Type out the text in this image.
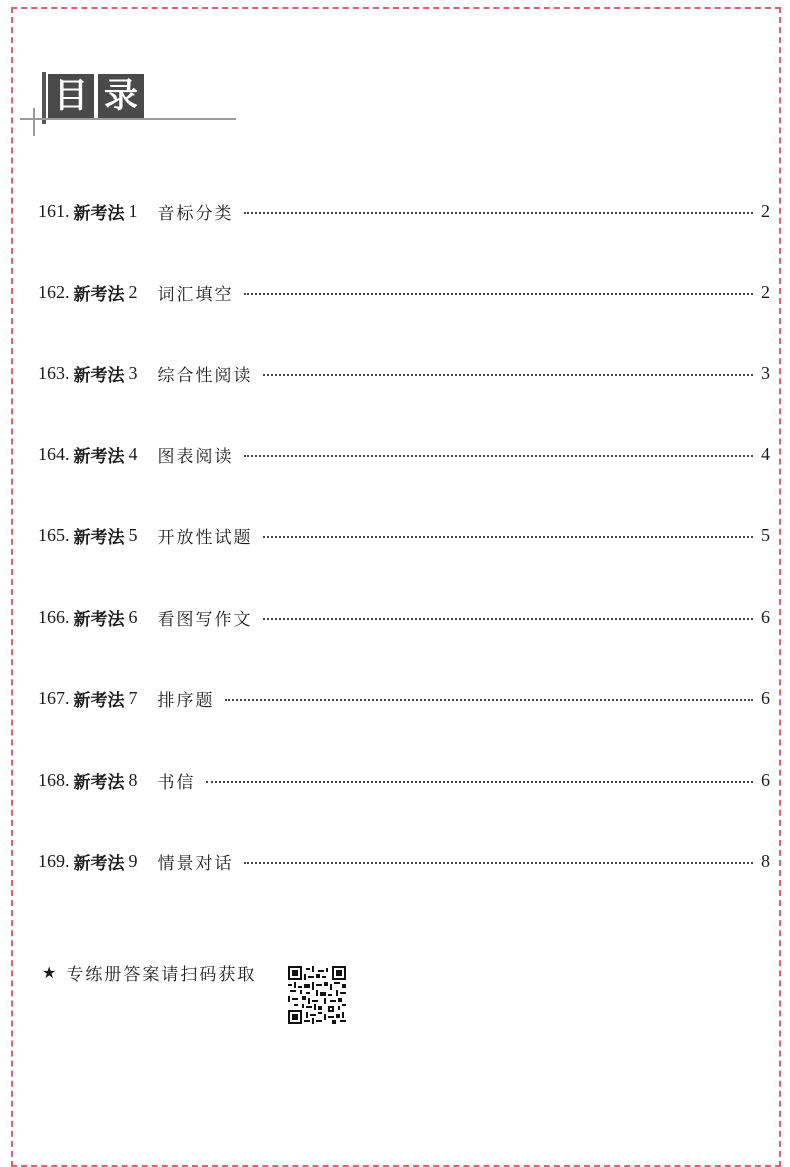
目 录
161. 新考法 1 音标分类	2
162. 新考法 2 词汇填空	2
163. 新考法 3 综合性阅读	3
164. 新考法 4 图表阅读	4
165. 新考法 5 开放性试题	5
166. 新考法 6 看图写作文	6
167. 新考法 7 排序题	6
168. 新考法 8 书信	6
169. 新考法 9 情景对话	8
★ 专练册答案请扫码获取
